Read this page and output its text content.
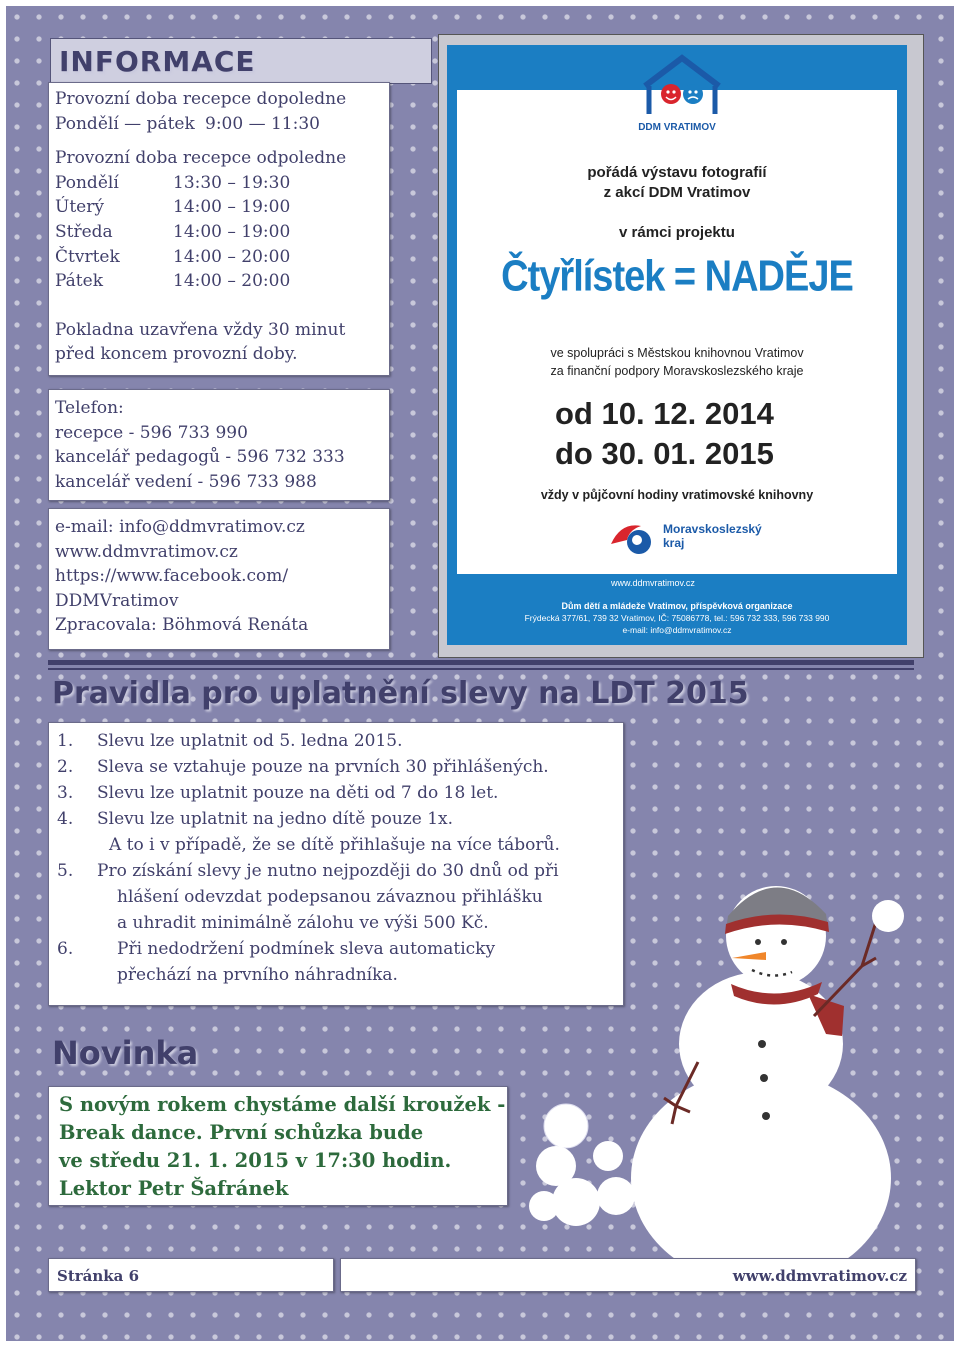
INFORMACE
Provozní doba recepce dopoledne
Pondělí — pátek 9:00 — 11:30
Provozní doba recepce odpoledne
Pondělí	13:30 – 19:30
Úterý	14:00 – 19:00
Středa	14:00 – 19:00
Čtvrtek	14:00 – 20:00
Pátek	14:00 – 20:00
Pokladna uzavřena vždy 30 minut
před koncem provozní doby.
Telefon:
recepce - 596 733 990
kancelář pedagogů - 596 732 333
kancelář vedení - 596 733 988
e-mail: info@ddmvratimov.cz
www.ddmvratimov.cz
https://www.facebook.com/
DDMVratimov
Zpracovala: Böhmová Renáta
DDM VRATIMOV
pořádá výstavu fotografií
z akcí DDM Vratimov
v rámci projektu
Čtyřlístek = NADĚJE
ve spolupráci s Městskou knihovnou Vratimov
za finanční podpory Moravskoslezského kraje
od 10. 12. 2014
do 30. 01. 2015
vždy v půjčovní hodiny vratimovské knihovny
Moravskoslezský
kraj
www.ddmvratimov.cz
Dům dětí a mládeže Vratimov, příspěvková organizace
Frýdecká 377/61, 739 32 Vratimov, IČ: 75086778, tel.: 596 732 333, 596 733 990
e-mail: info@ddmvratimov.cz
Pravidla pro uplatnění slevy na LDT 2015
1. Slevu lze uplatnit od 5. ledna 2015.
2. Sleva se vztahuje pouze na prvních 30 přihlášených.
3. Slevu lze uplatnit pouze na děti od 7 do 18 let.
4. Slevu lze uplatnit na jedno dítě pouze 1x.
A to i v případě, že se dítě přihlašuje na více táborů.
5. Pro získání slevy je nutno nejpozději do 30 dnů od při
hlášení odevzdat podepsanou závaznou přihlášku
a uhradit minimálně zálohu ve výši 500 Kč.
6.	Při nedodržení podmínek sleva automaticky
přechází na prvního náhradníka.
Novinka
S novým rokem chystáme další kroužek -
Break dance. První schůzka bude
ve středu 21. 1. 2015 v 17:30 hodin.
Lektor Petr Šafránek
Stránka 6	www.ddmvratimov.cz
